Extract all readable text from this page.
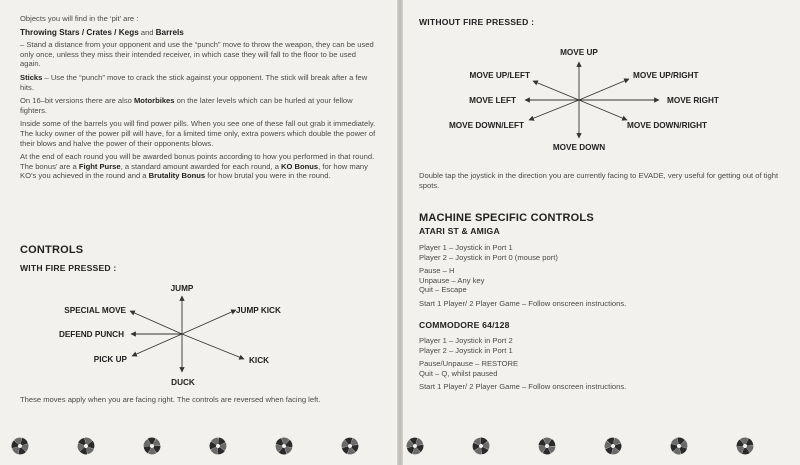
Objects you will find in the ‘pit’ are :

Throwing Stars / Crates / Kegs and Barrels

– Stand a distance from your opponent and use the “punch” move to throw the weapon, they can be used only once, unless they miss their intended receiver, in which case they will fall to the floor to be used again.

Sticks – Use the “punch” move to crack the stick against your opponent. The stick will break after a few hits.

On 16–bit versions there are also Motorbikes on the later levels which can be hurled at your fellow fighters.

Inside some of the barrels you will find power pills. When you see one of these fall out grab it immediately. The lucky owner of the power pill will have, for a limited time only, extra powers which double the power of their blows and halve the power of their opponents blows.

At the end of each round you will be awarded bonus points according to how you performed in that round. The bonus’ are a Fight Purse, a standard amount awarded for each round, a KO Bonus, for how many KO’s you achieved in the round and a Brutality Bonus for how brutal you were in the round.

CONTROLS
WITH FIRE PRESSED :
JUMP
SPECIAL MOVE	JUMP KICK
DEFEND PUNCH
PICK UP	KICK
DUCK
These moves apply when you are facing right. The controls are reversed when facing left.
WITHOUT FIRE PRESSED :
MOVE UP
MOVE UP/LEFT	MOVE UP/RIGHT
MOVE LEFT	MOVE RIGHT
MOVE DOWN/LEFT	MOVE DOWN/RIGHT
MOVE DOWN
Double tap the joystick in the direction you are currently facing to EVADE, very useful for getting out of tight spots.
MACHINE SPECIFIC CONTROLS
ATARI ST & AMIGA
Player 1 – Joystick in Port 1
Player 2 – Joystick in Port 0 (mouse port)
Pause – H
Unpause – Any key
Quit – Escape
Start 1 Player/ 2 Player Game – Follow onscreen instructions.
COMMODORE 64/128
Player 1 – Joystick in Port 2
Player 2 – Joystick in Port 1
Pause/Unpause – RESTORE
Quit – Q, whilst paused
Start 1 Player/ 2 Player Game – Follow onscreen instructions.
